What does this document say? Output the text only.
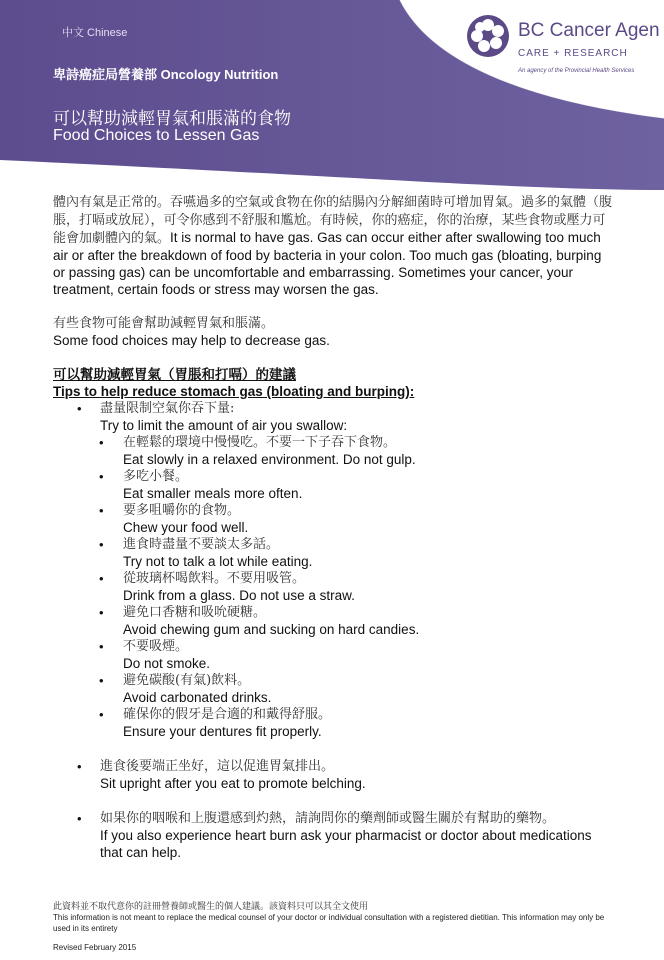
中文 Chinese
卑詩癌症局營養部 Oncology Nutrition
可以幫助減輕胃氣和脹滿的食物
Food Choices to Lessen Gas
BC Cancer Agen
CARE + RESEARCH
An agency of the Provincial Health Services

體內有氣是正常的。吞嚥過多的空氣或食物在你的結腸內分解細菌時可增加胃氣。過多的氣體（腹脹，打嗝或放屁），可令你感到不舒服和尷尬。有時候，你的癌症，你的治療，某些食物或壓力可能會加劇體內的氣。It is normal to have gas. Gas can occur either after swallowing too much air or after the breakdown of food by bacteria in your colon. Too much gas (bloating, burping or passing gas) can be uncomfortable and embarrassing. Sometimes your cancer, your treatment, certain foods or stress may worsen the gas.

有些食物可能會幫助減輕胃氣和脹滿。

Some food choices may help to decrease gas.

可以幫助減輕胃氣（胃脹和打嗝）的建議

Tips to help reduce stomach gas (bloating and burping):

• 盡量限制空氣你吞下量:
Try to limit the amount of air you swallow:
• 在輕鬆的環境中慢慢吃。不要一下子吞下食物。
Eat slowly in a relaxed environment. Do not gulp.
• 多吃小餐。
Eat smaller meals more often.
• 要多咀嚼你的食物。
Chew your food well.
• 進食時盡量不要談太多話。
Try not to talk a lot while eating.
• 從玻璃杯喝飲料。不要用吸管。
Drink from a glass. Do not use a straw.
• 避免口香糖和吸吮硬糖。
Avoid chewing gum and sucking on hard candies.
• 不要吸煙。
Do not smoke.
• 避免碳酸(有氣)飲料。
Avoid carbonated drinks.
• 確保你的假牙是合適的和戴得舒服。
Ensure your dentures fit properly.
• 進食後要端正坐好，這以促進胃氣排出。
Sit upright after you eat to promote belching.
• 如果你的咽喉和上腹還感到灼熱，請詢問你的藥劑師或醫生關於有幫助的藥物。
If you also experience heart burn ask your pharmacist or doctor about medications that can help.
此資料並不取代意你的註冊營養師或醫生的個人建議。該資料只可以其全文使用
This information is not meant to replace the medical counsel of your doctor or individual consultation with a registered dietitian. This information may only be used in its entirety
Revised February 2015
